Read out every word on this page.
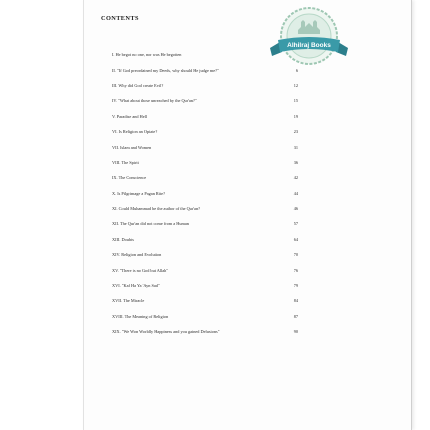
CONTENTS
I. He begot no one, nor was He begotten
II. "If God preordained my Deeds, why should He judge me?"	6
III. Why did God create Evil?	12
IV. "What about those unreached by the Qur'an?"	15
V. Paradise and Hell	19
VI. Is Religion an Opiate?	23
VII. Islam and Women	31
VIII. The Spirit	36
IX. The Conscience	42
X. Is Pilgrimage a Pagan Rite?	44
XI. Could Muhammad be the author of the Qur'an?	46
XII. The Qur'an did not come from a Human	57
XIII. Doubts	64
XIV. Religion and Evolution	70
XV. "There is no God but Allah"	76
XVI. "Kaf Ha Ya 'Ayn Sad"	79
XVII. The Miracle	84
XVIII. The Meaning of Religion	87
XIX. "We Won Worldly Happiness and you gained Delusions"	90
Alhilraj Books
